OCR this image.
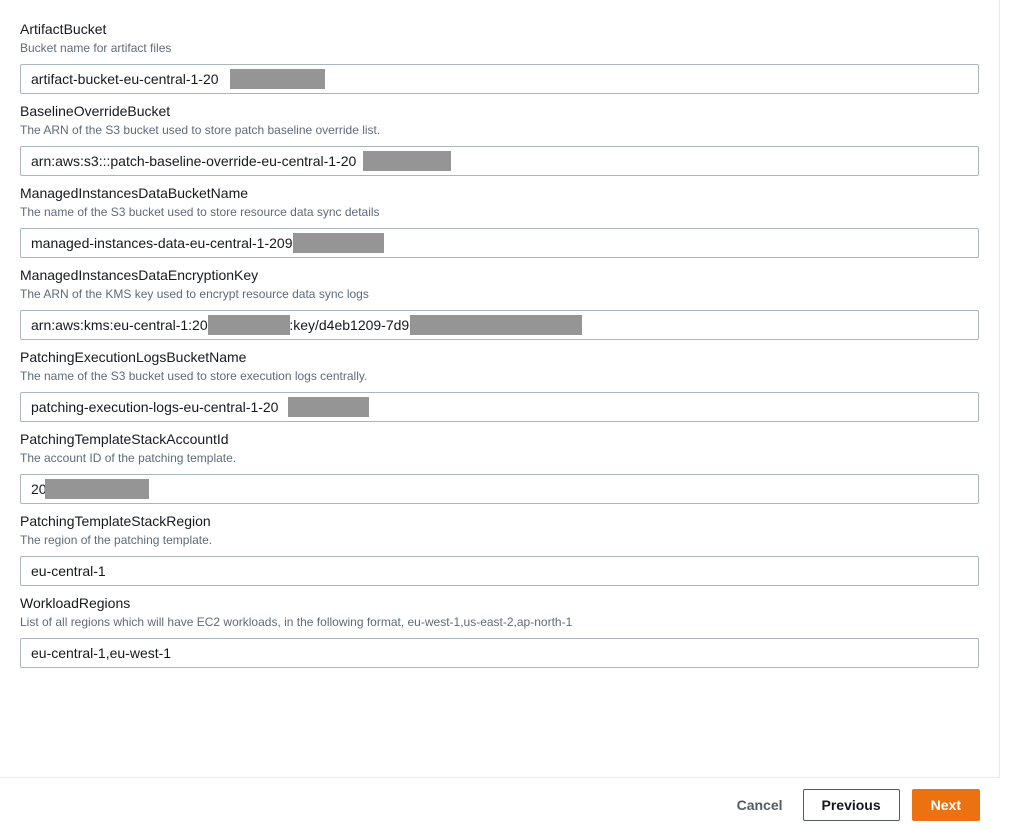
ArtifactBucket
Bucket name for artifact files
artifact-bucket-eu-central-1-20
BaselineOverrideBucket
The ARN of the S3 bucket used to store patch baseline override list.
arn:aws:s3:::patch-baseline-override-eu-central-1-20
ManagedInstancesDataBucketName
The name of the S3 bucket used to store resource data sync details
managed-instances-data-eu-central-1-209
ManagedInstancesDataEncryptionKey
The ARN of the KMS key used to encrypt resource data sync logs
arn:aws:kms:eu-central-1:209 :key/d4eb1209-7d9c-
PatchingExecutionLogsBucketName
The name of the S3 bucket used to store execution logs centrally.
patching-execution-logs-eu-central-1-20
PatchingTemplateStackAccountId
The account ID of the patching template.
20
PatchingTemplateStackRegion
The region of the patching template.
eu-central-1
WorkloadRegions
List of all regions which will have EC2 workloads, in the following format, eu-west-1,us-east-2,ap-north-1
eu-central-1,eu-west-1
Cancel	Previous	Next
